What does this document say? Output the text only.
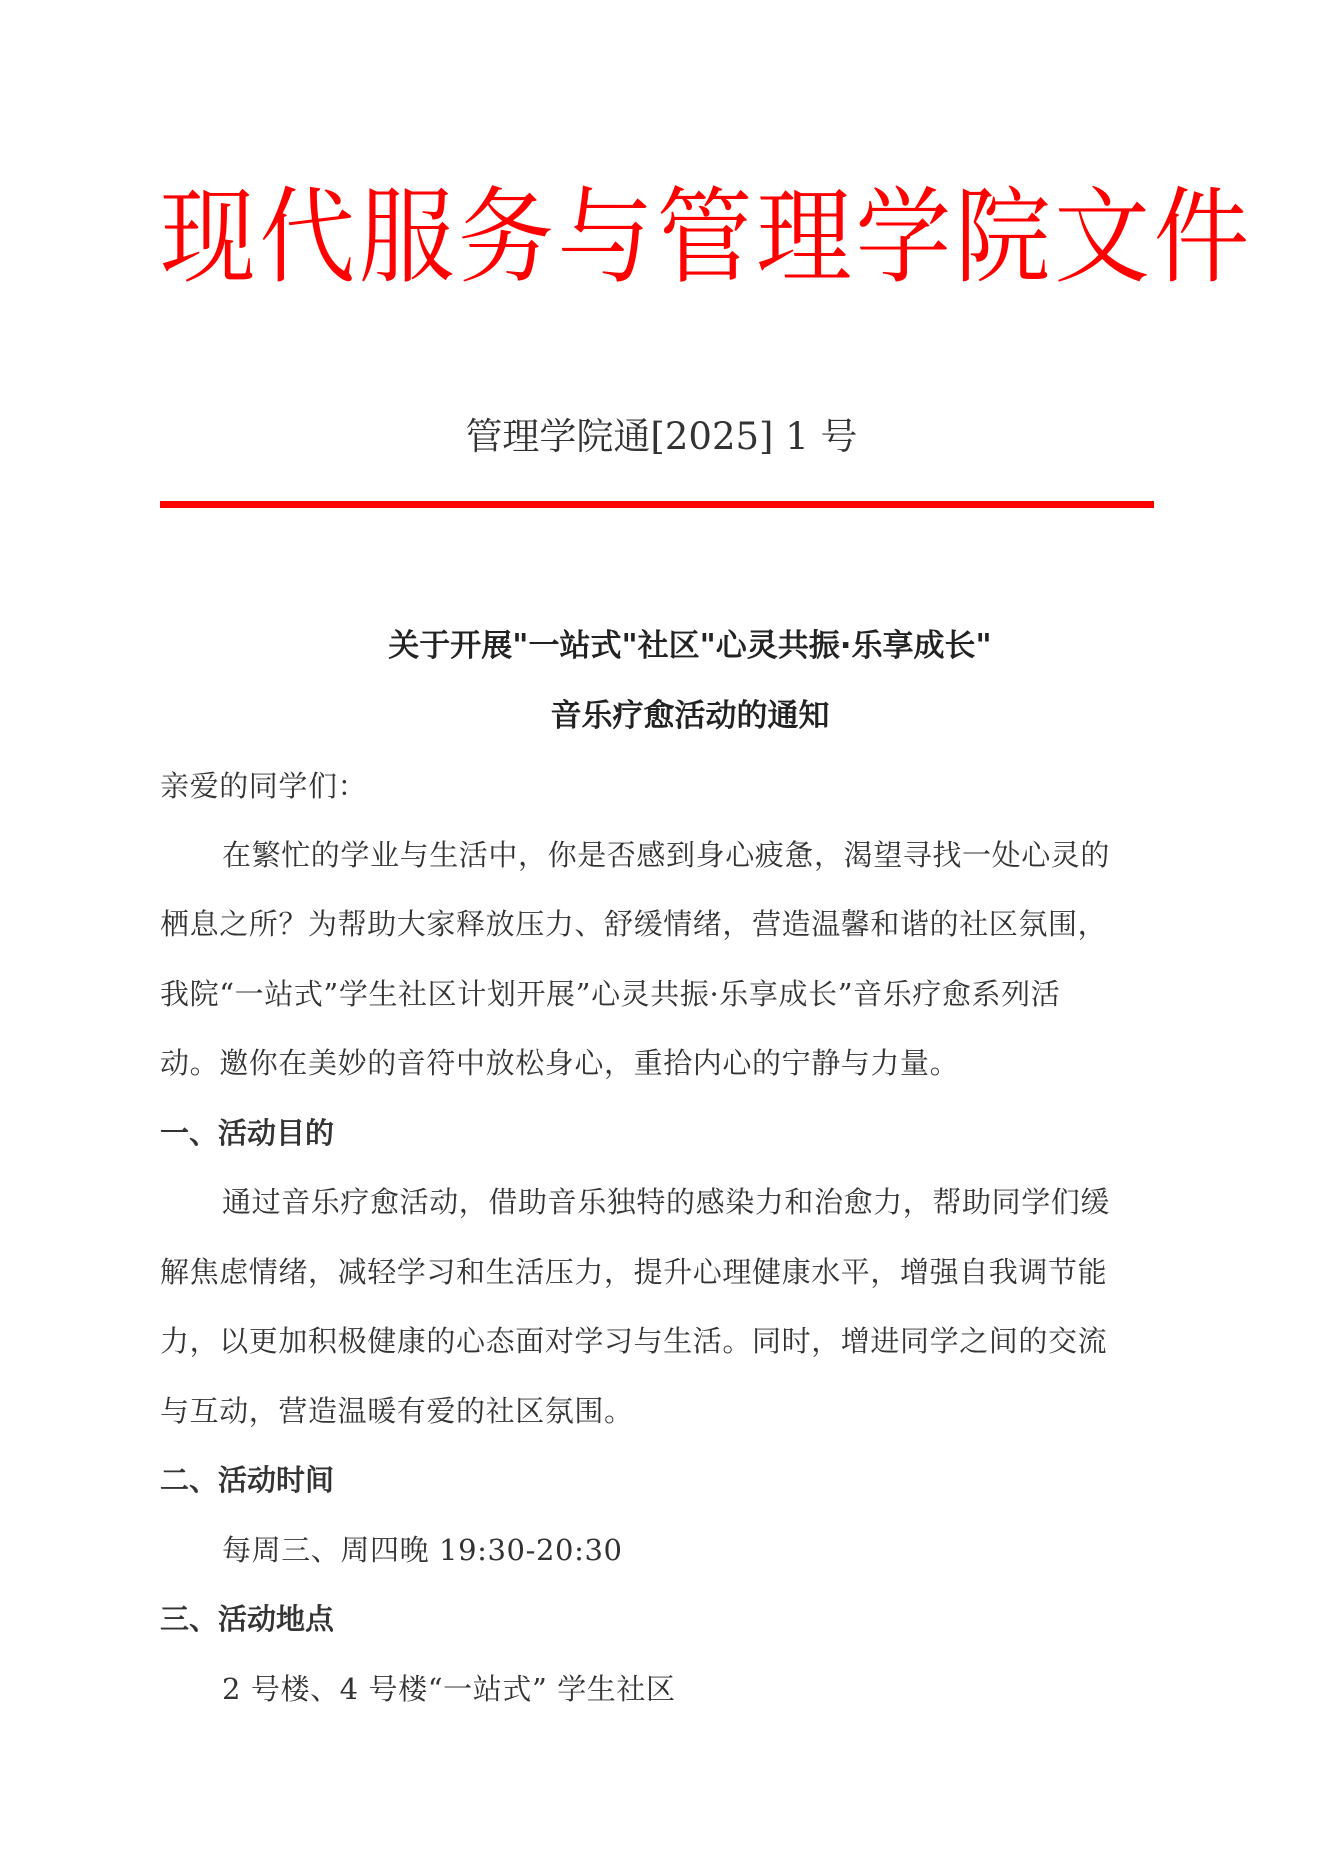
现代服务与管理学院文件
管理学院通[2025] 1 号
关于开展"一站式"社区"心灵共振·乐享成长"
音乐疗愈活动的通知
亲爱的同学们：
在繁忙的学业与生活中，你是否感到身心疲惫，渴望寻找一处心灵的
栖息之所？为帮助大家释放压力、舒缓情绪，营造温馨和谐的社区氛围，
我院“一站式”学生社区计划开展”心灵共振·乐享成长”音乐疗愈系列活
动。邀你在美妙的音符中放松身心，重拾内心的宁静与力量。
一、活动目的
通过音乐疗愈活动，借助音乐独特的感染力和治愈力，帮助同学们缓
解焦虑情绪，减轻学习和生活压力，提升心理健康水平，增强自我调节能
力，以更加积极健康的心态面对学习与生活。同时，增进同学之间的交流
与互动，营造温暖有爱的社区氛围。
二、活动时间
每周三、周四晚 19:30-20:30
三、活动地点
2 号楼、4 号楼“一站式” 学生社区
